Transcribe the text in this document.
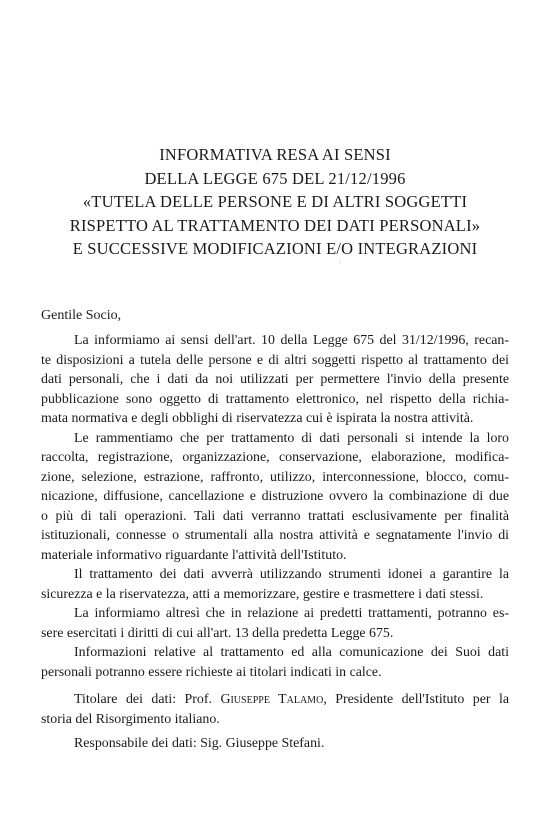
INFORMATIVA RESA AI SENSI
DELLA LEGGE 675 DEL 21/12/1996
«TUTELA DELLE PERSONE E DI ALTRI SOGGETTI
RISPETTO AL TRATTAMENTO DEI DATI PERSONALI»
E SUCCESSIVE MODIFICAZIONI E/O INTEGRAZIONI
Gentile Socio,
La informiamo ai sensi dell'art. 10 della Legge 675 del 31/12/1996, recan-
te disposizioni a tutela delle persone e di altri soggetti rispetto al trattamento dei
dati personali, che i dati da noi utilizzati per permettere l'invio della presente
pubblicazione sono oggetto di trattamento elettronico, nel rispetto della richia-
mata normativa e degli obblighi di riservatezza cui è ispirata la nostra attività.
Le rammentiamo che per trattamento di dati personali si intende la loro
raccolta, registrazione, organizzazione, conservazione, elaborazione, modifica-
zione, selezione, estrazione, raffronto, utilizzo, interconnessione, blocco, comu-
nicazione, diffusione, cancellazione e distruzione ovvero la combinazione di due
o più di tali operazioni. Tali dati verranno trattati esclusivamente per finalità
istituzionali, connesse o strumentali alla nostra attività e segnatamente l'invio di
materiale informativo riguardante l'attività dell'Istituto.
Il trattamento dei dati avverrà utilizzando strumenti idonei a garantire la
sicurezza e la riservatezza, atti a memorizzare, gestire e trasmettere i dati stessi.
La informiamo altresì che in relazione ai predetti trattamenti, potranno es-
sere esercitati i diritti di cui all'art. 13 della predetta Legge 675.
Informazioni relative al trattamento ed alla comunicazione dei Suoi dati
personali potranno essere richieste ai titolari indicati in calce.
Titolare dei dati: Prof. Giuseppe Talamo, Presidente dell'Istituto per la
storia del Risorgimento italiano.
Responsabile dei dati: Sig. Giuseppe Stefani.
